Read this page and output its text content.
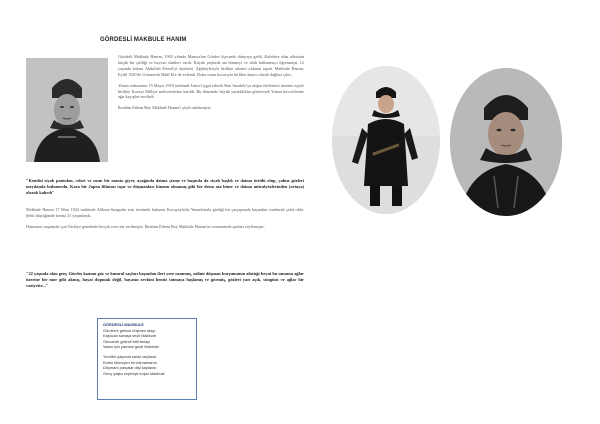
GÖRDESLİ MAKBULE HANIM

Gördesli Makbule Hanım, 1902 yılında Manisa'nın Gördes ilçesinde dünyaya geldi. Kaledere olan ailesinin küçük bir çiftliği ve hayvan sürüleri vardı. Küçük yaşlarda ata binmeyi ve silah kullanmayı öğrenmişti. 12 yaşında babası Abdullah Efendi'yi kaybetti. Ağabeyleriyle birlikte ailenin yükünü taşıdı. Makbule Hanım, Eylül 1920'de Ustraneski Halil Efe ile evlendi. Daha sonra kocasıyla birlikte akıncı olarak dağlara çıktı.

Yunan ordusunun 15 Mayıs 1919 tarihinde İzmir'i işgal ederek Batı Anadolu'ya doğru ilerlemesi üzerine eşiyle birlikte Kuvayi Milliye müfrezelerine katıldı. Bu dönemde büyük yararlılıklar göstererek Yunan kuvvetlerine ağır kayıplar verdirdi.

İbrahim Ethem Bey Makbule Hanım'ı şöyle anlatmıştır:

"Kendisi siyah pantolon, celset ve uzun bir manto giyer, ayağında daima çizme ve başında da siyah başlık ve daima örtülü olup, yalnız gözleri meydanda bulunurdu. Kara bir Japon filintası taşır ve düşmanları kinamı olmamış gibi bir dosta ata biner ve daima mitralyözlerinden (ortaya) olarak kalırdı"

Makbule Hanım 17 Mart 1922 tarihinde Alikase-Sungurlu sırtı üzerinde bulunan Kocayayla'da Yunanlılarla girdiği bir çarpışmada başından vurularak şehit oldu. Şehit düştüğünde henüz 21 yaşındaydı.

Hatırasını yaşatmak için Türkiye genelinde birçok yere adı verilmiştir. İbrahim Ethem Bey Makbule Hanım'ın cenazesinde şunları söylemiştir:

"22 yaşında olan genç Gördes kızının göz ve kumral saçları başından ileri yere uzanmış, zalimi düşman kurşununun akıttığı beyni bu umumu ağlar üzerine bir mor gibi akmış, hayat dopmak değil, hayatın zevkini henüz tatmaya başlamış ve görmüş, gözleri yarı açık, süngüsü ve ağlar bir vaziyette..."
GÖRDESLİ MAKBULE
Gördes'e girince düşmen alayı
Kaşlıcalı savaşa seçti Makbule
Gencecik gelindi bitti belayı
Vatan için yarıdan geçti Makbule
Yirmibir yaşında sanki ceylandı
Korku bilmeyen bir kahramandı
Düşmanı parçalar dişi kaplandı
Genç yaşta cepheye koştu Makbule
